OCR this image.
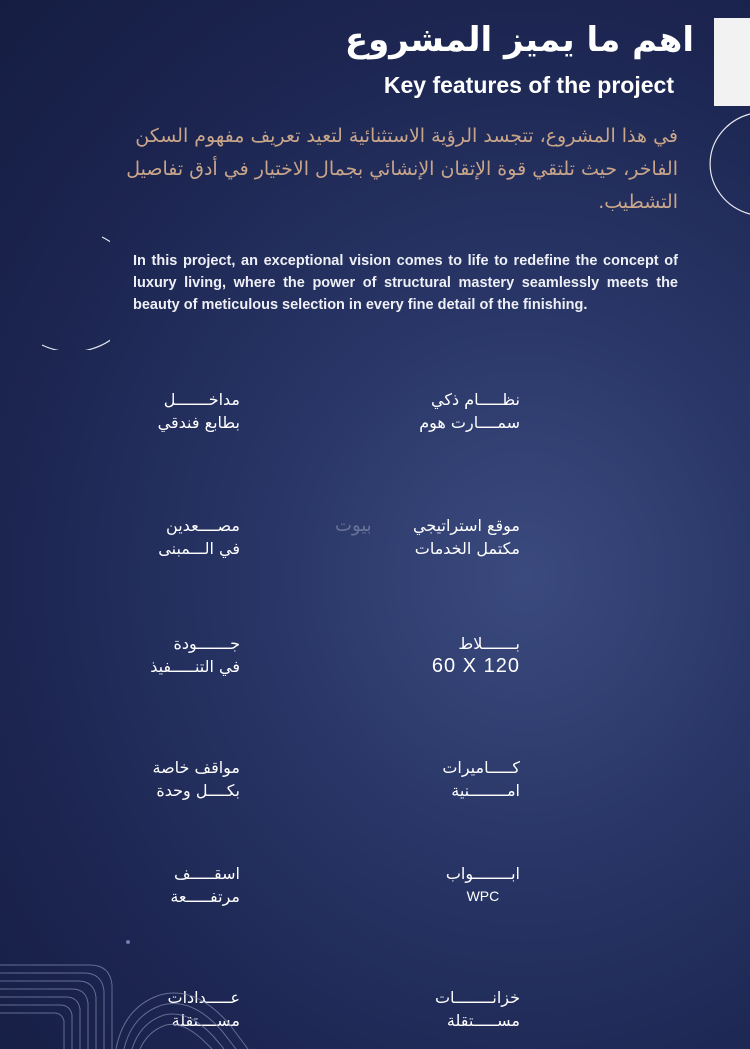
اهم ما يميز المشروع
Key features of the project
في هذا المشروع، تتجسد الرؤية الاستثنائية لتعيد تعريف مفهوم السكن الفاخر، حيث تلتقي قوة الإتقان الإنشائي بجمال الاختيار في أدق تفاصيل التشطيب.
In this project, an exceptional vision comes to life to redefine the concept of luxury living, where the power of structural mastery seamlessly meets the beauty of meticulous selection in every fine detail of the finishing.
بيوت
نظـــــام ذكي
سمــــارت هوم
مداخـــــــل
بطابع فندقي
موقع استراتيجي
مكتمل الخدمات
مصــــعدين
في الـــمبنى
بـــــــلاط
60 X 120
جـــــــودة
في التنـــــفيذ
كـــــاميرات
امــــــــنية
مواقف خاصة
بكــــل وحدة
ابــــــــواب
WPC
اسقـــــف
مرتفـــــعة
خزانــــــــات
مســـــتقلة
عـــــدادات
مســــتقلة
